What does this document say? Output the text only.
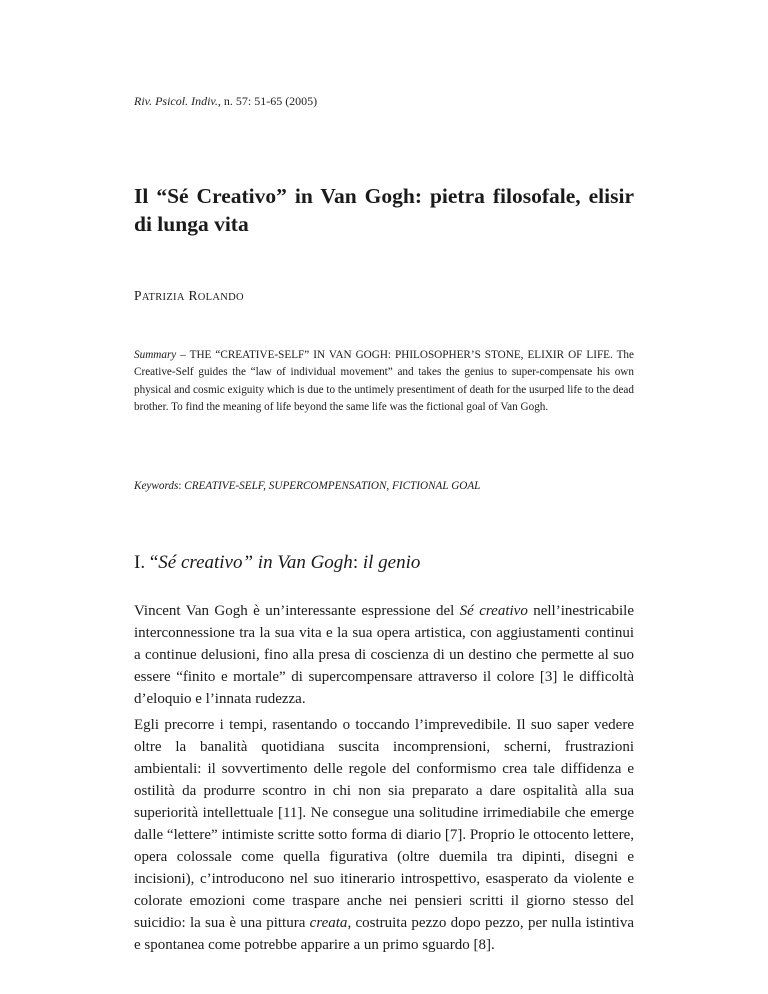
Riv. Psicol. Indiv., n. 57: 51-65 (2005)
Il “Sé Creativo” in Van Gogh: pietra filosofale, elisir di lunga vita
PATRIZIA ROLANDO

Summary – THE “CREATIVE-SELF” IN VAN GOGH: PHILOSOPHER’S STONE, ELIXIR OF LIFE. The Creative-Self guides the “law of individual movement” and takes the genius to super-compensate his own physical and cosmic exiguity which is due to the untimely presentiment of death for the usurped life to the dead brother. To find the meaning of life beyond the same life was the fictional goal of Van Gogh.

Keywords: CREATIVE-SELF, SUPERCOMPENSATION, FICTIONAL GOAL
I. “Sé creativo” in Van Gogh: il genio

Vincent Van Gogh è un’interessante espressione del Sé creativo nell’inestricabile interconnessione tra la sua vita e la sua opera artistica, con aggiustamenti continui a continue delusioni, fino alla presa di coscienza di un destino che permette al suo essere “finito e mortale” di supercompensare attraverso il colore [3] le difficoltà d’eloquio e l’innata rudezza.

Egli precorre i tempi, rasentando o toccando l’imprevedibile. Il suo saper vedere oltre la banalità quotidiana suscita incomprensioni, scherni, frustrazioni ambientali: il sovvertimento delle regole del conformismo crea tale diffidenza e ostilità da produrre scontro in chi non sia preparato a dare ospitalità alla sua superiorità intellettuale [11]. Ne consegue una solitudine irrimediabile che emerge dalle “lettere” intimiste scritte sotto forma di diario [7]. Proprio le ottocento lettere, opera colossale come quella figurativa (oltre duemila tra dipinti, disegni e incisioni), c’introducono nel suo itinerario introspettivo, esasperato da violente e colorate emozioni come traspare anche nei pensieri scritti il giorno stesso del suicidio: la sua è una pittura creata, costruita pezzo dopo pezzo, per nulla istintiva e spontanea come potrebbe apparire a un primo sguardo [8].
